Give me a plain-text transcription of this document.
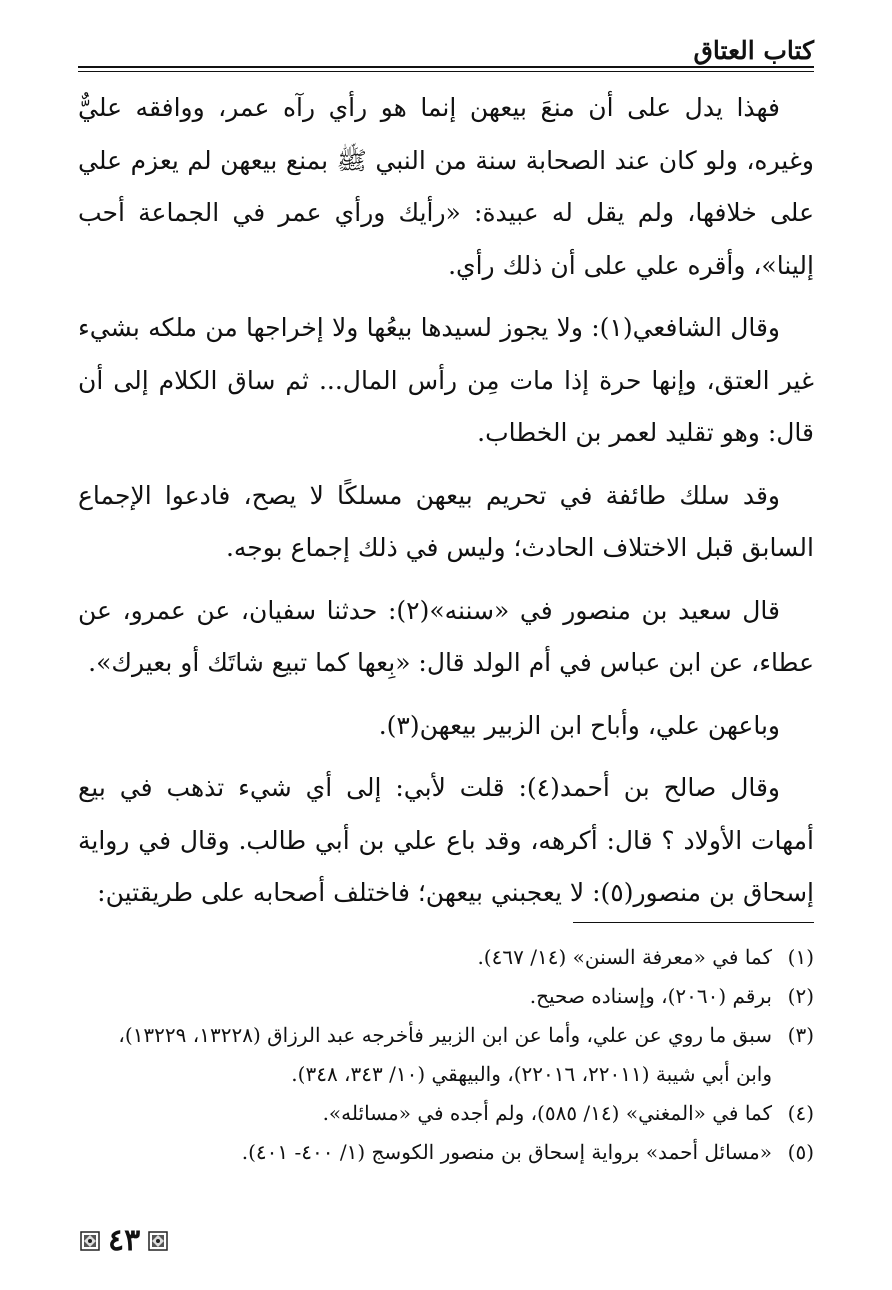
كتاب العتاق

فهذا يدل على أن منعَ بيعهن إنما هو رأي رآه عمر، ووافقه عليٌّ وغيره، ولو كان عند الصحابة سنة من النبي ﷺ بمنع بيعهن لم يعزم علي على خلافها، ولم يقل له عبيدة: «رأيك ورأي عمر في الجماعة أحب إلينا»، وأقره علي على أن ذلك رأي.

وقال الشافعي(١): ولا يجوز لسيدها بيعُها ولا إخراجها من ملكه بشيء غير العتق، وإنها حرة إذا مات مِن رأس المال... ثم ساق الكلام إلى أن قال: وهو تقليد لعمر بن الخطاب.

وقد سلك طائفة في تحريم بيعهن مسلكًا لا يصح، فادعوا الإجماع السابق قبل الاختلاف الحادث؛ وليس في ذلك إجماع بوجه.

قال سعيد بن منصور في «سننه»(٢): حدثنا سفيان، عن عمرو، عن عطاء، عن ابن عباس في أم الولد قال: «بِعها كما تبيع شاتَك أو بعيرك».

وباعهن علي، وأباح ابن الزبير بيعهن(٣).

وقال صالح بن أحمد(٤): قلت لأبي: إلى أي شيء تذهب في بيع أمهات الأولاد ؟ قال: أكرهه، وقد باع علي بن أبي طالب. وقال في رواية إسحاق بن منصور(٥): لا يعجبني بيعهن؛ فاختلف أصحابه على طريقتين:

(١)
كما في «معرفة السنن» (١٤/ ٤٦٧).
(٢)
برقم (٢٠٦٠)، وإسناده صحيح.
(٣)
سبق ما روي عن علي، وأما عن ابن الزبير فأخرجه عبد الرزاق (١٣٢٢٨، ١٣٢٢٩)، وابن أبي شيبة (٢٢٠١١، ٢٢٠١٦)، والبيهقي (١٠/ ٣٤٣، ٣٤٨).
(٤)
كما في «المغني» (١٤/ ٥٨٥)، ولم أجده في «مسائله».
(٥)
«مسائل أحمد» برواية إسحاق بن منصور الكوسج (١/ ٤٠٠- ٤٠١).
٤٣
